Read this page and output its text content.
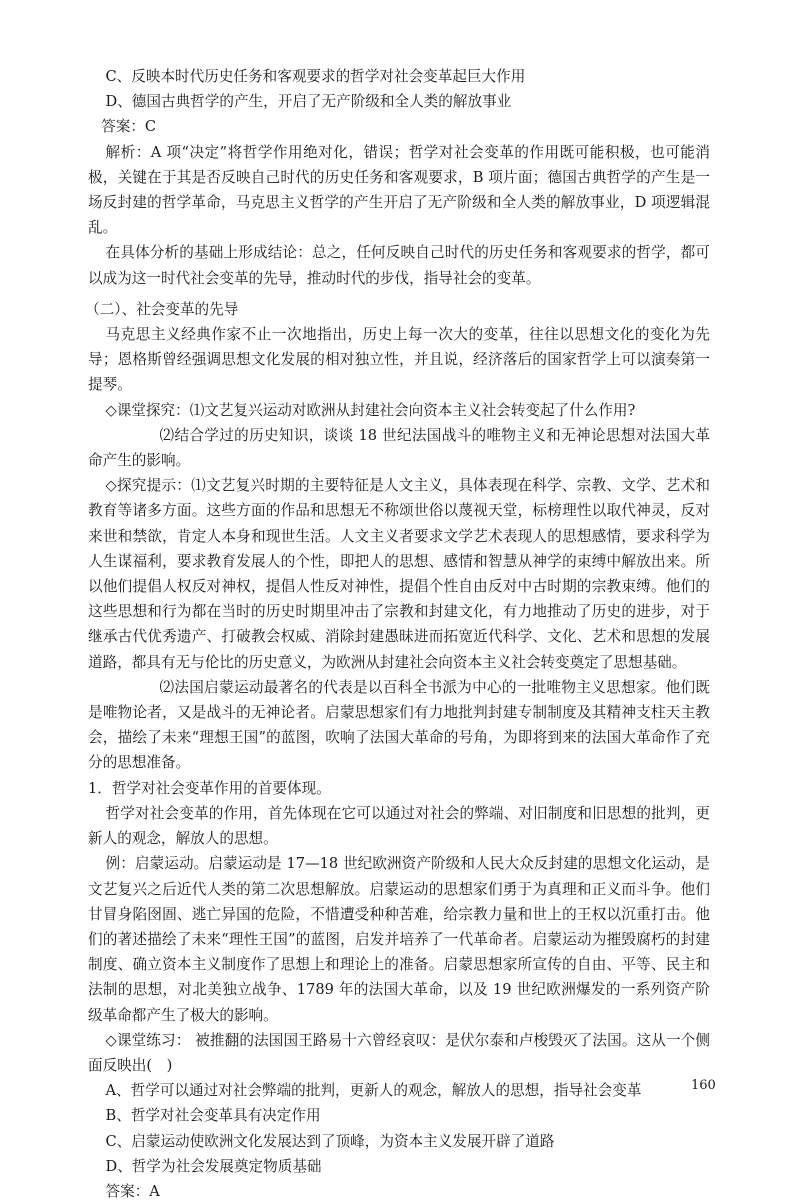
C、反映本时代历史任务和客观要求的哲学对社会变革起巨大作用
D、德国古典哲学的产生，开启了无产阶级和全人类的解放事业
答案：C
解析：A 项“决定”将哲学作用绝对化，错误；哲学对社会变革的作用既可能积极，也可能消极，关键在于其是否反映自己时代的历史任务和客观要求，B 项片面；德国古典哲学的产生是一场反封建的哲学革命，马克思主义哲学的产生开启了无产阶级和全人类的解放事业，D 项逻辑混乱。
在具体分析的基础上形成结论：总之，任何反映自己时代的历史任务和客观要求的哲学，都可以成为这一时代社会变革的先导，推动时代的步伐，指导社会的变革。
（二）、社会变革的先导
马克思主义经典作家不止一次地指出，历史上每一次大的变革，往往以思想文化的变化为先导；恩格斯曾经强调思想文化发展的相对独立性，并且说，经济落后的国家哲学上可以演奏第一提琴。
◇课堂探究：⑴文艺复兴运动对欧洲从封建社会向资本主义社会转变起了什么作用?
⑵结合学过的历史知识，谈谈 18 世纪法国战斗的唯物主义和无神论思想对法国大革命产生的影响。
◇探究提示：⑴文艺复兴时期的主要特征是人文主义，具体表现在科学、宗教、文学、艺术和教育等诸多方面。这些方面的作品和思想无不称颂世俗以蔑视天堂，标榜理性以取代神灵，反对来世和禁欲，肯定人本身和现世生活。人文主义者要求文学艺术表现人的思想感情，要求科学为人生谋福利，要求教育发展人的个性，即把人的思想、感情和智慧从神学的束缚中解放出来。所以他们提倡人权反对神权，提倡人性反对神性，提倡个性自由反对中古时期的宗教束缚。他们的这些思想和行为都在当时的历史时期里冲击了宗教和封建文化，有力地推动了历史的进步，对于继承古代优秀遗产、打破教会权威、消除封建愚昧进而拓宽近代科学、文化、艺术和思想的发展道路，都具有无与伦比的历史意义，为欧洲从封建社会向资本主义社会转变奠定了思想基础。
⑵法国启蒙运动最著名的代表是以百科全书派为中心的一批唯物主义思想家。他们既是唯物论者，又是战斗的无神论者。启蒙思想家们有力地批判封建专制制度及其精神支柱天主教会，描绘了未来“理想王国”的蓝图，吹响了法国大革命的号角，为即将到来的法国大革命作了充分的思想准备。
1．哲学对社会变革作用的首要体现。
哲学对社会变革的作用，首先体现在它可以通过对社会的弊端、对旧制度和旧思想的批判，更新人的观念，解放人的思想。
例：启蒙运动。启蒙运动是 17—18 世纪欧洲资产阶级和人民大众反封建的思想文化运动，是文艺复兴之后近代人类的第二次思想解放。启蒙运动的思想家们勇于为真理和正义而斗争。他们甘冒身陷囹圄、逃亡异国的危险，不惜遭受种种苦难，给宗教力量和世上的王权以沉重打击。他们的著述描绘了未来“理性王国”的蓝图，启发并培养了一代革命者。启蒙运动为摧毁腐朽的封建制度、确立资本主义制度作了思想上和理论上的准备。启蒙思想家所宣传的自由、平等、民主和法制的思想，对北美独立战争、1789 年的法国大革命，以及 19 世纪欧洲爆发的一系列资产阶级革命都产生了极大的影响。
◇课堂练习： 被推翻的法国国王路易十六曾经哀叹：是伏尔泰和卢梭毁灭了法国。这从一个侧面反映出(　)
A、哲学可以通过对社会弊端的批判，更新人的观念，解放人的思想，指导社会变革
B、哲学对社会变革具有决定作用
C、启蒙运动使欧洲文化发展达到了顶峰，为资本主义发展开辟了道路
D、哲学为社会发展奠定物质基础
答案：A
160
